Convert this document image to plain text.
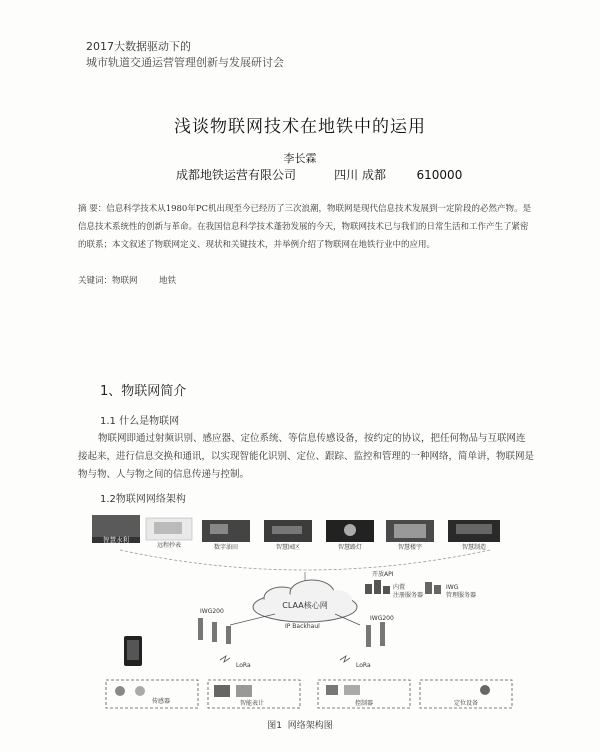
2017大数据驱动下的
城市轨道交通运营管理创新与发展研讨会
浅谈物联网技术在地铁中的运用
李长霖
成都地铁运营有限公司	四川 成都	610000
摘 要：信息科学技术从1980年PC机出现至今已经历了三次浪潮，物联网是现代信息技术发展到一定阶段的必然产物。是信息技术系统性的创新与革命。在我国信息科学技术蓬勃发展的今天，物联网技术已与我们的日常生活和工作产生了紧密的联系；本文叙述了物联网定义、现状和关键技术，并举例介绍了物联网在地铁行业中的应用。
关键词：物联网	地铁
1、物联网简介
1.1 什么是物联网
物联网即通过射频识别、感应器、定位系统、等信息传感设备，按约定的协议，把任何物品与互联网连接起来，进行信息交换和通讯，以实现智能化识别、定位、跟踪、监控和管理的一种网络，简单讲，物联网是物与物、人与物之间的信息传递与控制。
1.2物联网网络架构
智慧水利
远程抄表	数字油田	智慧园区	智慧路灯	智慧楼宇	智慧制造
开放API
CLAA核心网
内置
注册服务器
IWG
管理服务器
IWG200
IWG200
IP Backhaul
LoRa	LoRa
传感器	智能表计	控制器	定位设备
图1  网络架构图
